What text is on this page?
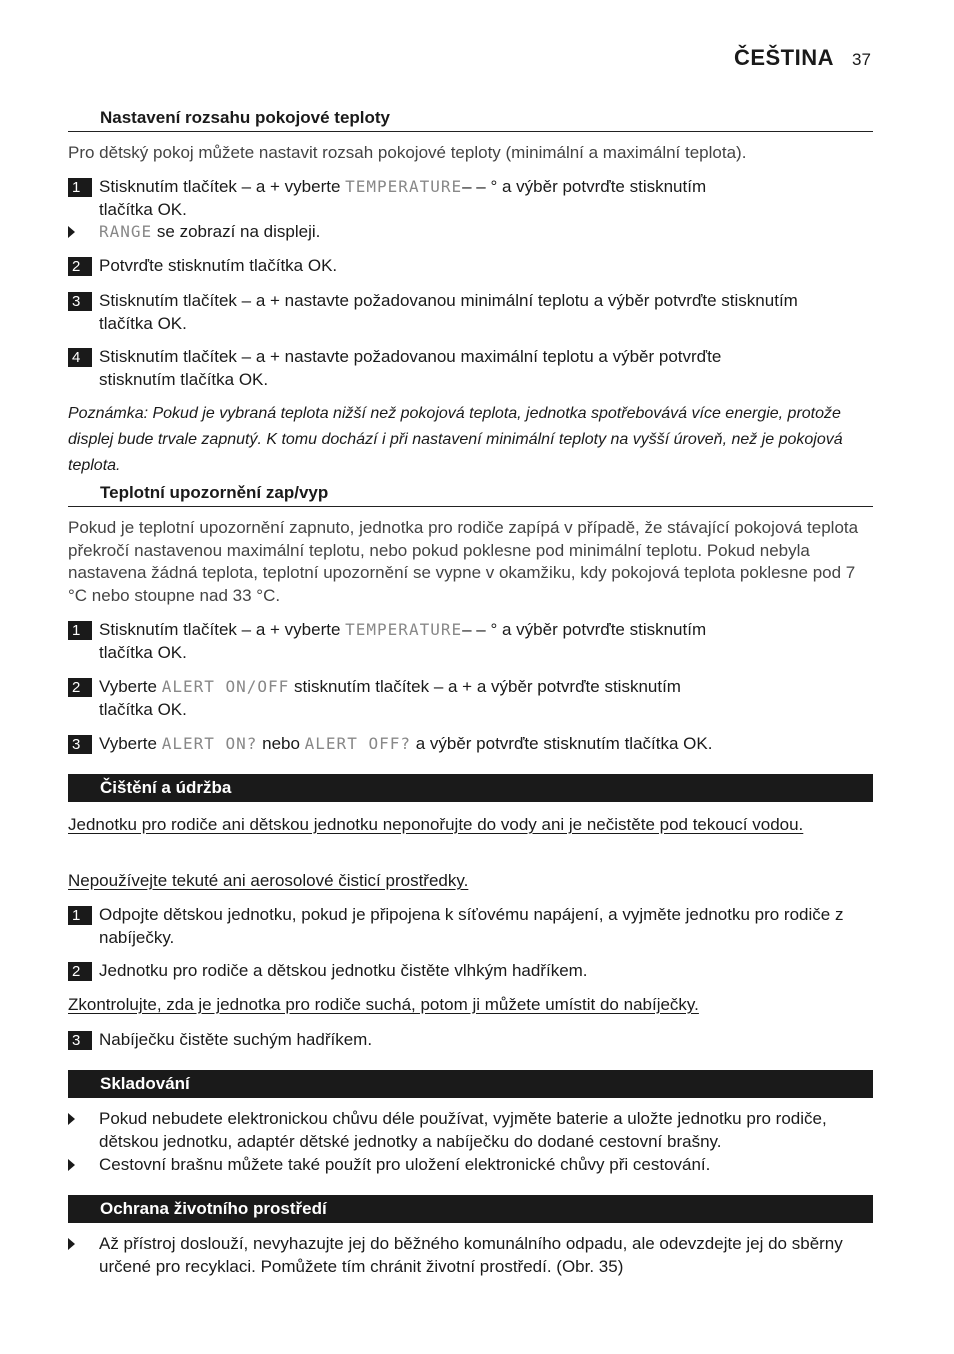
ČEŠTINA 37
Nastavení rozsahu pokojové teploty
Pro dětský pokoj můžete nastavit rozsah pokojové teploty (minimální a maximální teplota).
1	Stisknutím tlačítek – a + vyberte TEMPERATURE– – ° a výběr potvrďte stisknutím
tlačítka OK.
RANGE se zobrazí na displeji.
2	Potvrďte stisknutím tlačítka OK.
3	Stisknutím tlačítek – a + nastavte požadovanou minimální teplotu a výběr potvrďte stisknutím
tlačítka OK.
4	Stisknutím tlačítek – a + nastavte požadovanou maximální teplotu a výběr potvrďte
stisknutím tlačítka OK.
Poznámka: Pokud je vybraná teplota nižší než pokojová teplota, jednotka spotřebovává více energie, protože displej bude trvale zapnutý. K tomu dochází i při nastavení minimální teploty na vyšší úroveň, než je pokojová teplota.
Teplotní upozornění zap/vyp
Pokud je teplotní upozornění zapnuto, jednotka pro rodiče zapípá v případě, že stávající pokojová teplota překročí nastavenou maximální teplotu, nebo pokud poklesne pod minimální teplotu. Pokud nebyla nastavena žádná teplota, teplotní upozornění se vypne v okamžiku, kdy pokojová teplota poklesne pod 7 °C nebo stoupne nad 33 °C.
1	Stisknutím tlačítek – a + vyberte TEMPERATURE– – ° a výběr potvrďte stisknutím
tlačítka OK.
2	Vyberte ALERT ON/OFF stisknutím tlačítek – a + a výběr potvrďte stisknutím
tlačítka OK.
3	Vyberte ALERT ON? nebo ALERT OFF? a výběr potvrďte stisknutím tlačítka OK.
Čištění a údržba
Jednotku pro rodiče ani dětskou jednotku neponořujte do vody ani je nečistěte pod tekoucí vodou.
Nepoužívejte tekuté ani aerosolové čisticí prostředky.
1	Odpojte dětskou jednotku, pokud je připojena k síťovému napájení, a vyjměte jednotku pro rodiče z nabíječky.
2	Jednotku pro rodiče a dětskou jednotku čistěte vlhkým hadříkem.
Zkontrolujte, zda je jednotka pro rodiče suchá, potom ji můžete umístit do nabíječky.
3	Nabíječku čistěte suchým hadříkem.
Skladování
Pokud nebudete elektronickou chůvu déle používat, vyjměte baterie a uložte jednotku pro rodiče, dětskou jednotku, adaptér dětské jednotky a nabíječku do dodané cestovní brašny.
Cestovní brašnu můžete také použít pro uložení elektronické chůvy při cestování.
Ochrana životního prostředí
Až přístroj doslouží, nevyhazujte jej do běžného komunálního odpadu, ale odevzdejte jej do sběrny určené pro recyklaci. Pomůžete tím chránit životní prostředí. (Obr. 35)
